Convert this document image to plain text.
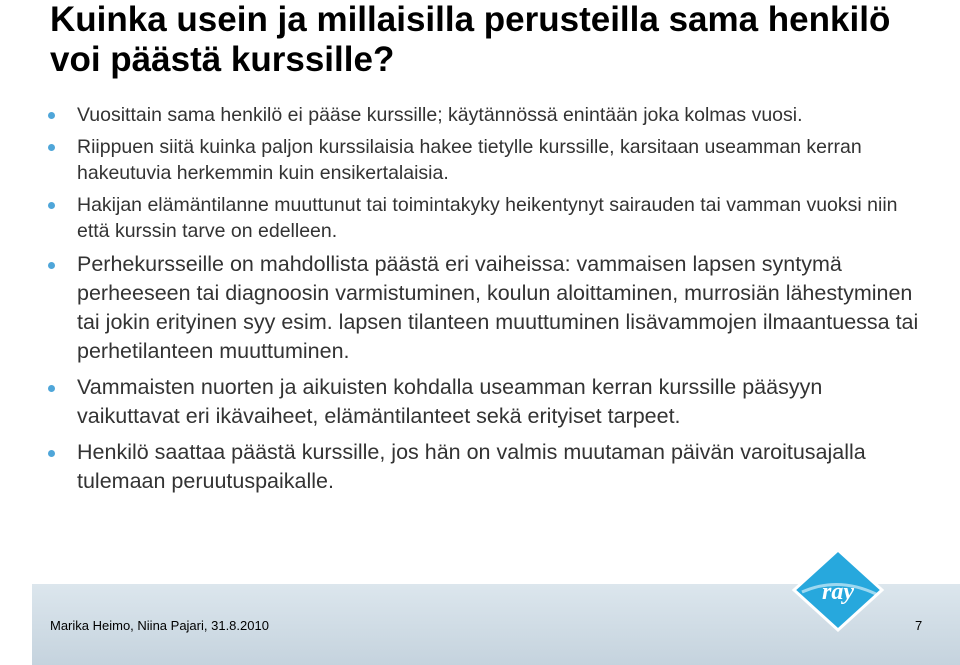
Kuinka usein ja millaisilla perusteilla sama henkilö voi päästä kurssille?
Vuosittain sama henkilö ei pääse kurssille; käytännössä enintään joka kolmas vuosi.
Riippuen siitä kuinka paljon kurssilaisia hakee tietylle kurssille, karsitaan useamman kerran hakeutuvia herkemmin kuin ensikertalaisia.
Hakijan elämäntilanne muuttunut tai toimintakyky heikentynyt sairauden tai vamman vuoksi niin että kurssin tarve on edelleen.
Perhekursseille on mahdollista päästä eri vaiheissa: vammaisen lapsen syntymä perheeseen tai diagnoosin varmistuminen, koulun aloittaminen, murrosiän lähestyminen tai jokin erityinen syy esim. lapsen tilanteen muuttuminen lisävammojen ilmaantuessa tai perhetilanteen muuttuminen.
Vammaisten nuorten ja aikuisten kohdalla useamman kerran kurssille pääsyyn vaikuttavat eri ikävaiheet, elämäntilanteet sekä erityiset tarpeet.
Henkilö saattaa päästä kurssille, jos hän on valmis muutaman päivän varoitusajalla tulemaan peruutuspaikalle.
ray
Marika Heimo, Niina Pajari, 31.8.2010	7
